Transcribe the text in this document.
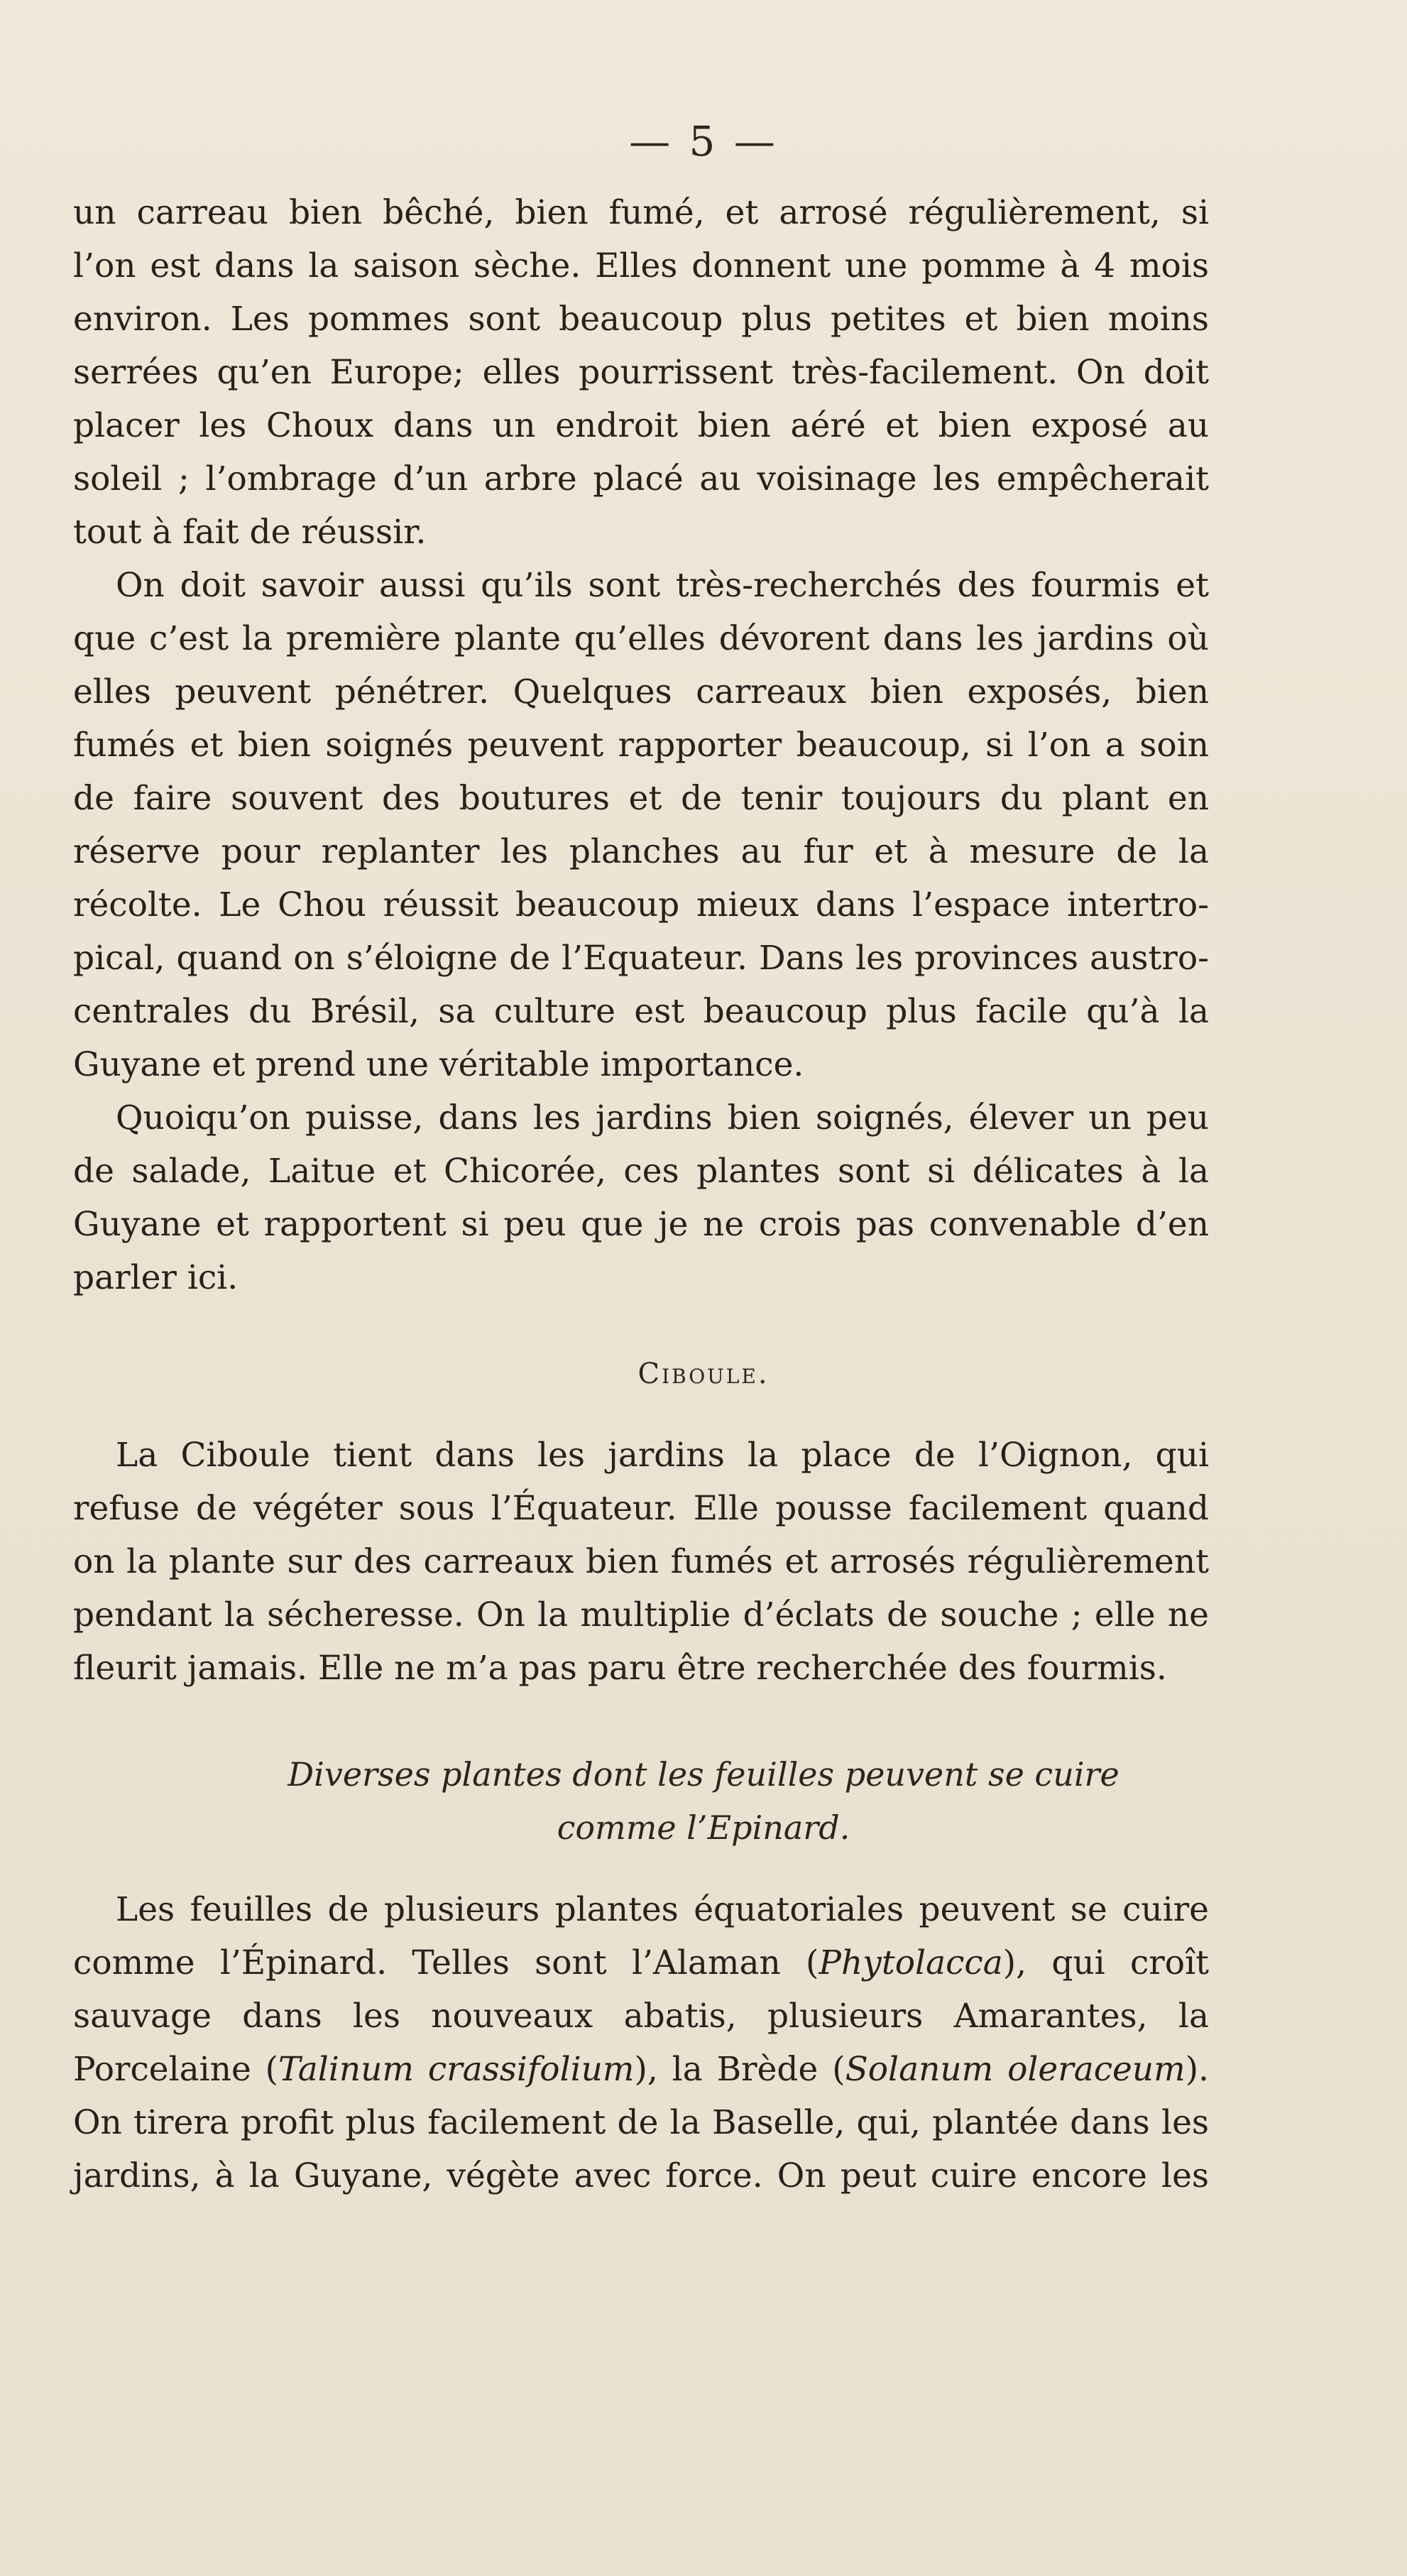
— 5 —
un carreau bien bêché, bien fumé, et arrosé régulièrement, si
l’on est dans la saison sèche. Elles donnent une pomme à 4 mois
environ. Les pommes sont beaucoup plus petites et bien moins
serrées qu’en Europe; elles pourrissent très-facilement. On doit
placer les Choux dans un endroit bien aéré et bien exposé au
soleil ; l’ombrage d’un arbre placé au voisinage les empêcherait
tout à fait de réussir.
On doit savoir aussi qu’ils sont très-recherchés des fourmis et
que c’est la première plante qu’elles dévorent dans les jardins où
elles peuvent pénétrer. Quelques carreaux bien exposés, bien
fumés et bien soignés peuvent rapporter beaucoup, si l’on a soin
de faire souvent des boutures et de tenir toujours du plant en
réserve pour replanter les planches au fur et à mesure de la
récolte. Le Chou réussit beaucoup mieux dans l’espace intertro-
pical, quand on s’éloigne de l’Equateur. Dans les provinces austro-
centrales du Brésil, sa culture est beaucoup plus facile qu’à la
Guyane et prend une véritable importance.
Quoiqu’on puisse, dans les jardins bien soignés, élever un peu
de salade, Laitue et Chicorée, ces plantes sont si délicates à la
Guyane et rapportent si peu que je ne crois pas convenable d’en
parler ici.
Ciboule.
La Ciboule tient dans les jardins la place de l’Oignon, qui
refuse de végéter sous l’Équateur. Elle pousse facilement quand
on la plante sur des carreaux bien fumés et arrosés régulièrement
pendant la sécheresse. On la multiplie d’éclats de souche ; elle ne
fleurit jamais. Elle ne m’a pas paru être recherchée des fourmis.
Diverses plantes dont les feuilles peuvent se cuire
comme l’Epinard.
Les feuilles de plusieurs plantes équatoriales peuvent se cuire
comme l’Épinard. Telles sont l’Alaman (Phytolacca), qui croît
sauvage dans les nouveaux abatis, plusieurs Amarantes, la
Porcelaine (Talinum crassifolium), la Brède (Solanum oleraceum).
On tirera profit plus facilement de la Baselle, qui, plantée dans les
jardins, à la Guyane, végète avec force. On peut cuire encore les
